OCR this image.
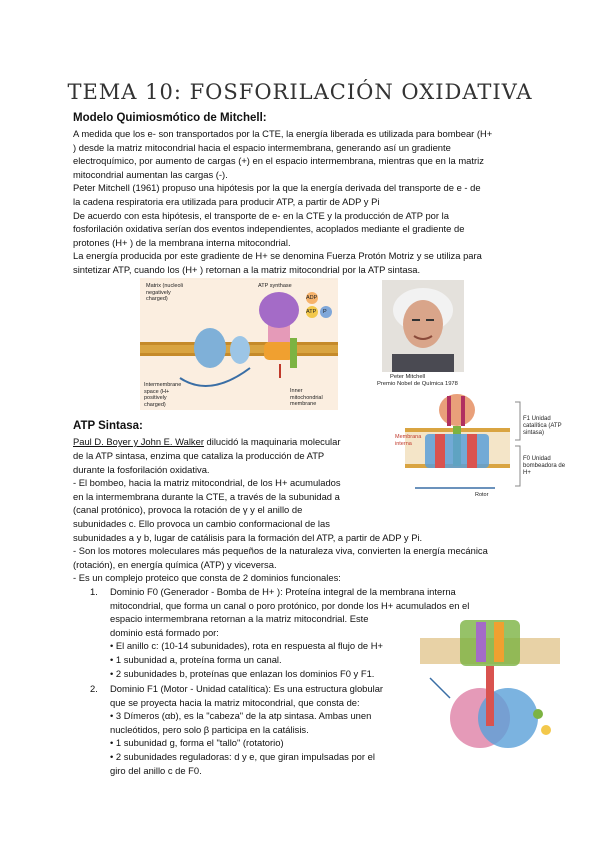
TEMA 10: FOSFORILACIÓN OXIDATIVA
Modelo Quimiosmótico de Mitchell:
A medida que los e- son transportados por la CTE, la energía liberada es utilizada para bombear (H+
) desde la matriz mitocondrial hacia el espacio intermembrana, generando así un gradiente
electroquímico, por aumento de cargas (+) en el espacio intermembrana, mientras que en la matriz
mitocondrial aumentan las cargas (-).
Peter Mitchell (1961) propuso una hipótesis por la que la energía derivada del transporte de e - de
la cadena respiratoria era utilizada para producir ATP, a partir de ADP y Pi
De acuerdo con esta hipótesis, el transporte de e- en la CTE y la producción de ATP por la
fosforilación oxidativa serían dos eventos independientes, acoplados mediante el gradiente de
protones (H+ ) de la membrana interna mitocondrial.
La energía producida por este gradiente de H+ se denomina Fuerza Protón Motriz y se utiliza para
sintetizar ATP, cuando los (H+ ) retornan a la matriz mitocondrial por la ATP sintasa.
Matrix (nucleoli negatively charged)
ATP synthase
ADP
P
ATP
Intermembrane space (H+ positively charged)
Inner mitochondrial membrane
Peter Mitchell
Premio Nobel de Química 1978
F1 Unidad catalítica (ATP sintasa)
F0 Unidad bombeadora de H+
Membrana interna
Rotor
ATP Sintasa:
Paul D. Boyer y John E. Walker dilucidó la maquinaria molecular
de la ATP sintasa, enzima que cataliza la producción de ATP
durante la fosforilación oxidativa.
- El bombeo, hacia la matriz mitocondrial, de los H+ acumulados
en la intermembrana durante la CTE, a través de la subunidad a
(canal protónico), provoca la rotación de γ y el anillo de
subunidades c. Ello provoca un cambio conformacional de las
subunidades a y b, lugar de catálisis para la formación del ATP, a partir de ADP y Pi.
- Son los motores moleculares más pequeños de la naturaleza viva, convierten la energía mecánica
(rotación), en energía química (ATP) y viceversa.
- Es un complejo proteico que consta de 2 dominios funcionales:
1. Dominio F0 (Generador - Bomba de H+ ): Proteína integral de la membrana interna
mitocondrial, que forma un canal o poro protónico, por donde los H+ acumulados en el
espacio intermembrana retornan a la matriz mitocondrial. Este
dominio está formado por:
• El anillo c: (10-14 subunidades), rota en respuesta al flujo de H+
• 1 subunidad a, proteína forma un canal.
• 2 subunidades b, proteínas que enlazan los dominios F0 y F1.
2. Dominio F1 (Motor - Unidad catalítica): Es una estructura globular
que se proyecta hacia la matriz mitocondrial, que consta de:
• 3 Dímeros (αb), es la "cabeza" de la atp sintasa. Ambas unen
nucleótidos, pero solo β participa en la catálisis.
• 1 subunidad g, forma el "tallo" (rotatorio)
• 2 subunidades reguladoras: d y e, que giran impulsadas por el
giro del anillo c de F0.
